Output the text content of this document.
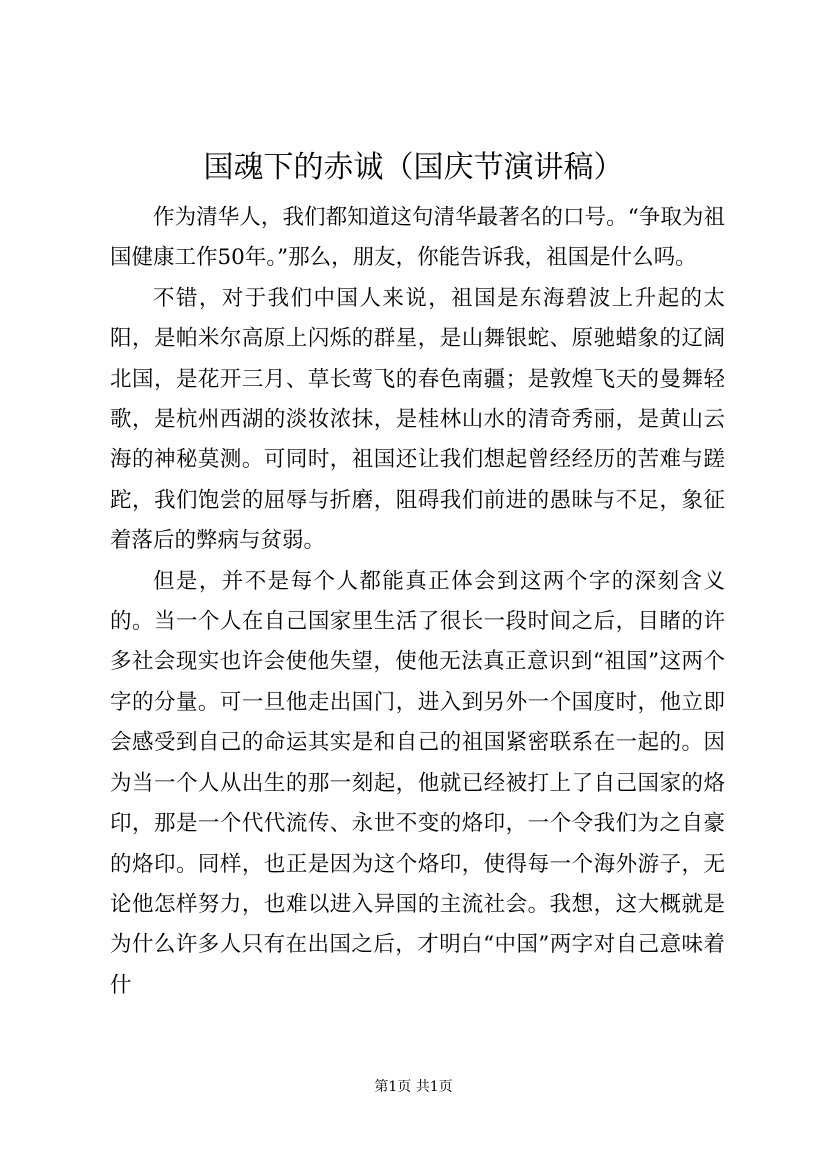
国魂下的赤诚（国庆节演讲稿）

作为清华人，我们都知道这句清华最著名的口号。“争取为祖国健康工作50年。”那么，朋友，你能告诉我，祖国是什么吗。

不错，对于我们中国人来说，祖国是东海碧波上升起的太阳，是帕米尔高原上闪烁的群星，是山舞银蛇、原驰蜡象的辽阔北国，是花开三月、草长莺飞的春色南疆；是敦煌飞天的曼舞轻歌，是杭州西湖的淡妆浓抹，是桂林山水的清奇秀丽，是黄山云海的神秘莫测。可同时，祖国还让我们想起曾经经历的苦难与蹉跎，我们饱尝的屈辱与折磨，阻碍我们前进的愚昧与不足，象征着落后的弊病与贫弱。

但是，并不是每个人都能真正体会到这两个字的深刻含义的。当一个人在自己国家里生活了很长一段时间之后，目睹的许多社会现实也许会使他失望，使他无法真正意识到“祖国”这两个字的分量。可一旦他走出国门，进入到另外一个国度时，他立即会感受到自己的命运其实是和自己的祖国紧密联系在一起的。因为当一个人从出生的那一刻起，他就已经被打上了自己国家的烙印，那是一个代代流传、永世不变的烙印，一个令我们为之自豪的烙印。同样，也正是因为这个烙印，使得每一个海外游子，无论他怎样努力，也难以进入异国的主流社会。我想，这大概就是为什么许多人只有在出国之后，才明白“中国”两字对自己意味着什

第1页 共1页
